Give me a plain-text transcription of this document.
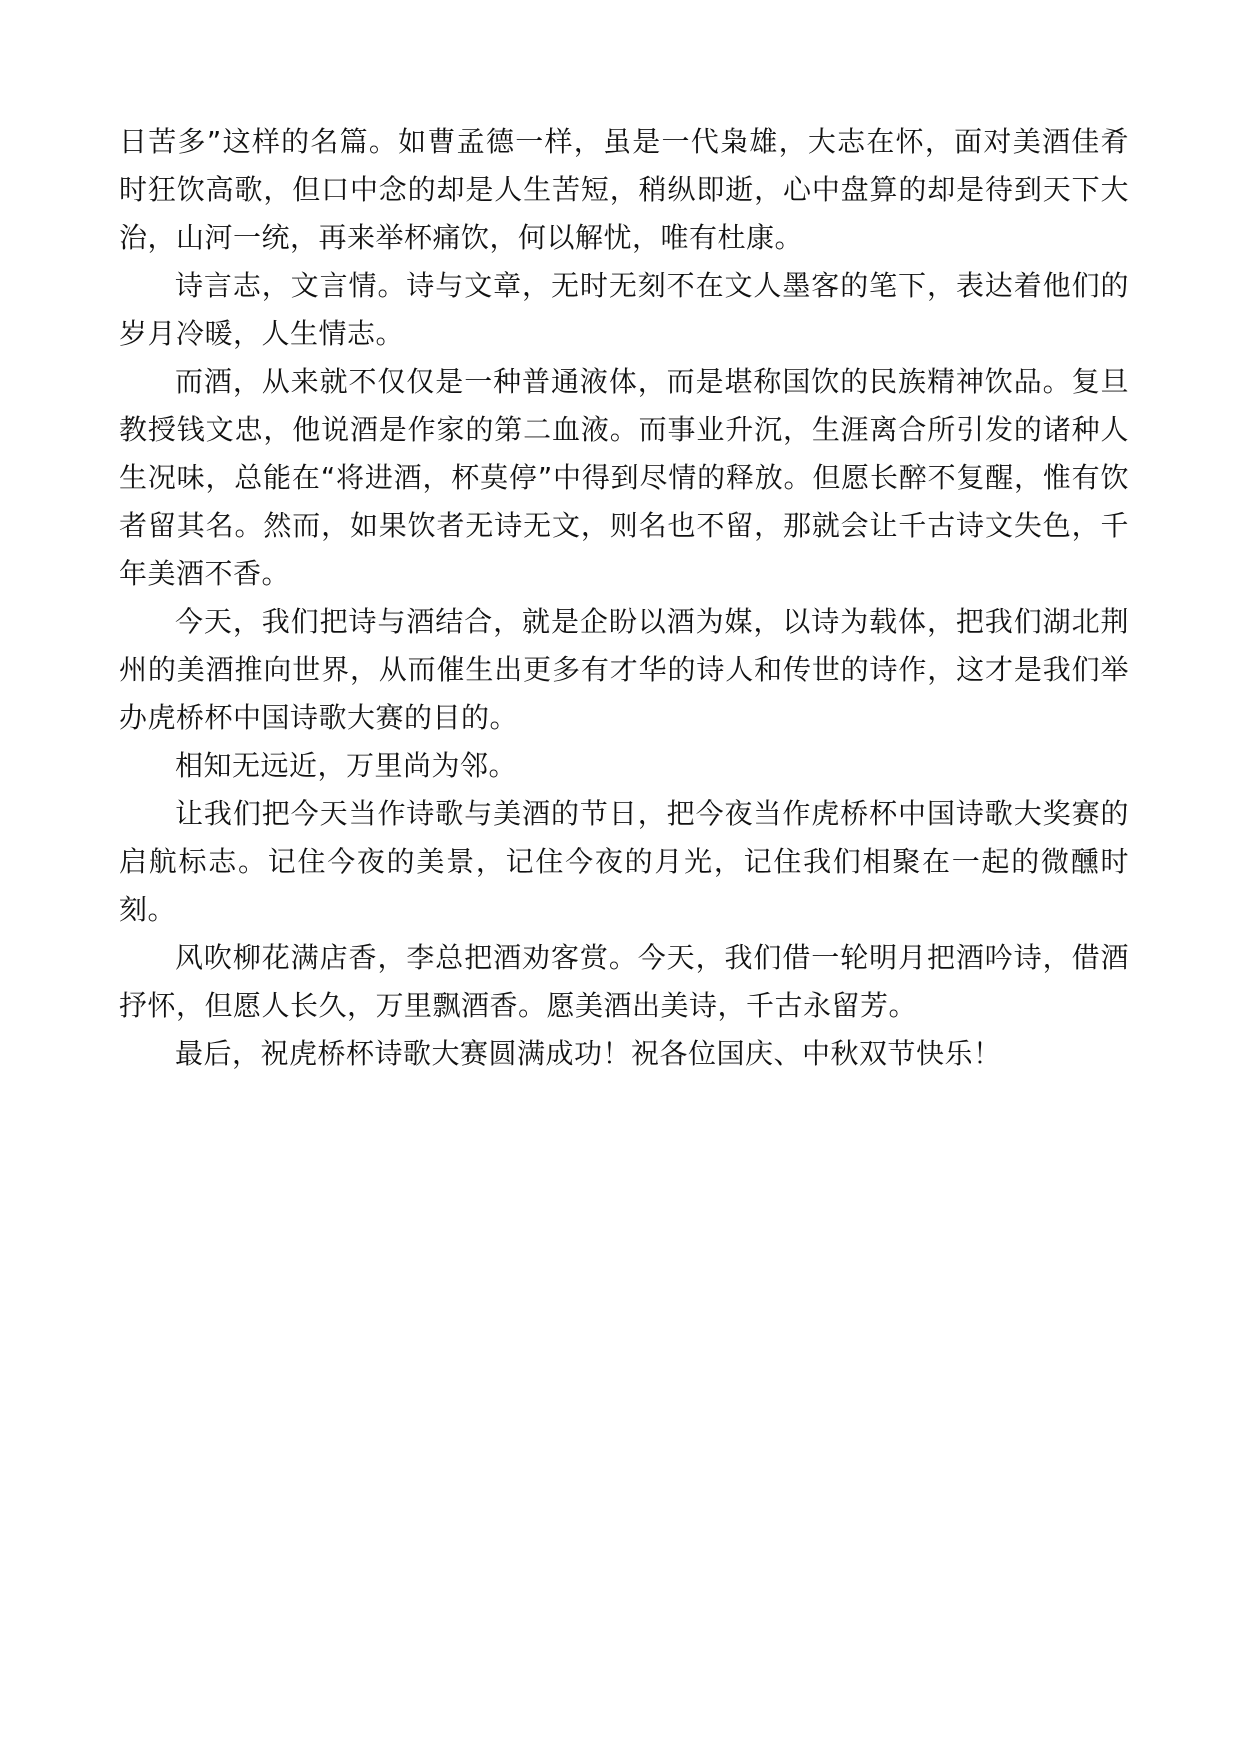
日苦多”这样的名篇。如曹孟德一样，虽是一代枭雄，大志在怀，面对美酒佳肴时狂饮高歌，但口中念的却是人生苦短，稍纵即逝，心中盘算的却是待到天下大治，山河一统，再来举杯痛饮，何以解忧，唯有杜康。

诗言志，文言情。诗与文章，无时无刻不在文人墨客的笔下，表达着他们的岁月冷暖，人生情志。

而酒，从来就不仅仅是一种普通液体，而是堪称国饮的民族精神饮品。复旦教授钱文忠，他说酒是作家的第二血液。而事业升沉，生涯离合所引发的诸种人生况味，总能在“将进酒，杯莫停”中得到尽情的释放。但愿长醉不复醒，惟有饮者留其名。然而，如果饮者无诗无文，则名也不留，那就会让千古诗文失色，千年美酒不香。

今天，我们把诗与酒结合，就是企盼以酒为媒，以诗为载体，把我们湖北荆州的美酒推向世界，从而催生出更多有才华的诗人和传世的诗作，这才是我们举办虎桥杯中国诗歌大赛的目的。

相知无远近，万里尚为邻。

让我们把今天当作诗歌与美酒的节日，把今夜当作虎桥杯中国诗歌大奖赛的启航标志。记住今夜的美景，记住今夜的月光，记住我们相聚在一起的微醺时刻。

风吹柳花满店香，李总把酒劝客赏。今天，我们借一轮明月把酒吟诗，借酒抒怀，但愿人长久，万里飘酒香。愿美酒出美诗，千古永留芳。

最后，祝虎桥杯诗歌大赛圆满成功！祝各位国庆、中秋双节快乐！
